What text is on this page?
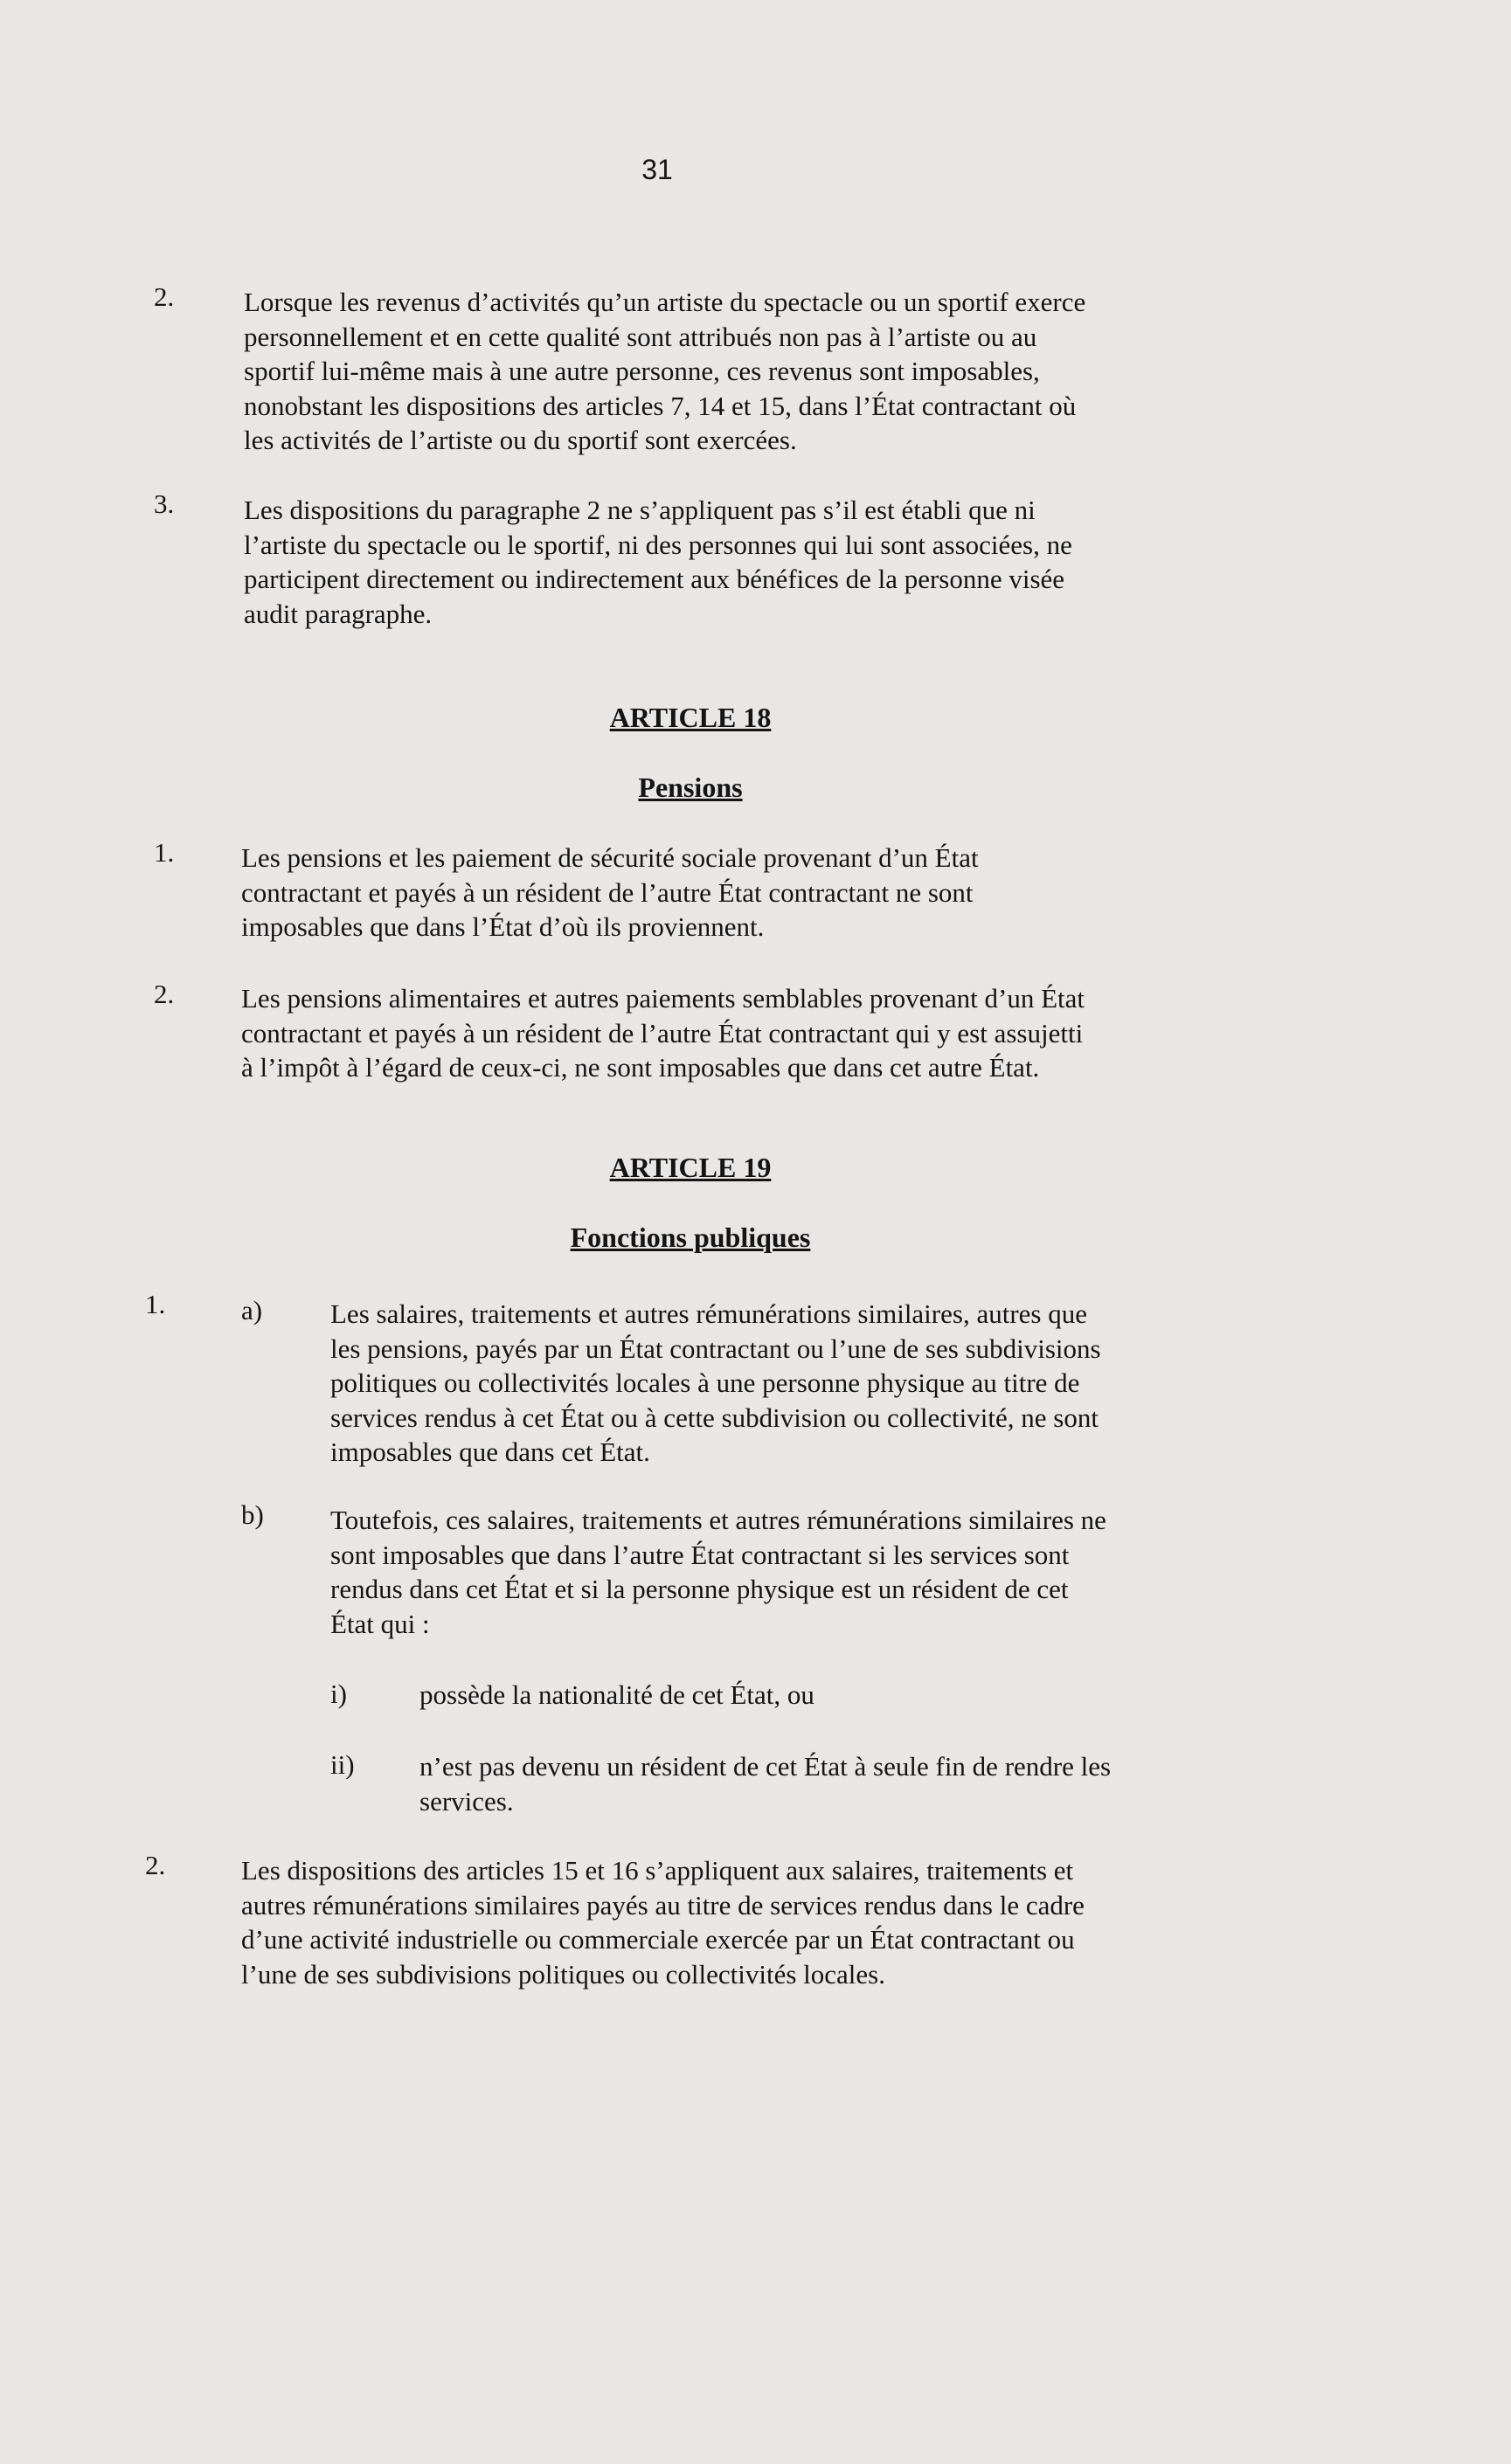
31
2.	Lorsque les revenus d’activités qu’un artiste du spectacle ou un sportif exerce
personnellement et en cette qualité sont attribués non pas à l’artiste ou au
sportif lui-même mais à une autre personne, ces revenus sont imposables,
nonobstant les dispositions des articles 7, 14 et 15, dans l’État contractant où
les activités de l’artiste ou du sportif sont exercées.
3.	Les dispositions du paragraphe 2 ne s’appliquent pas s’il est établi que ni
l’artiste du spectacle ou le sportif, ni des personnes qui lui sont associées, ne
participent directement ou indirectement aux bénéfices de la personne visée
audit paragraphe.
ARTICLE 18
Pensions
1. Les pensions et les paiement de sécurité sociale provenant d’un État
contractant et payés à un résident de l’autre État contractant ne sont
imposables que dans l’État d’où ils proviennent.
2. Les pensions alimentaires et autres paiements semblables provenant d’un État
contractant et payés à un résident de l’autre État contractant qui y est assujetti
à l’impôt à l’égard de ceux-ci, ne sont imposables que dans cet autre État.
ARTICLE 19
Fonctions publiques
1.	a)	Les salaires, traitements et autres rémunérations similaires, autres que
les pensions, payés par un État contractant ou l’une de ses subdivisions
politiques ou collectivités locales à une personne physique au titre de
services rendus à cet État ou à cette subdivision ou collectivité, ne sont
imposables que dans cet État.
b) Toutefois, ces salaires, traitements et autres rémunérations similaires ne
sont imposables que dans l’autre État contractant si les services sont
rendus dans cet État et si la personne physique est un résident de cet
État qui :
i)	possède la nationalité de cet État, ou
ii) n’est pas devenu un résident de cet État à seule fin de rendre les
services.
2.	Les dispositions des articles 15 et 16 s’appliquent aux salaires, traitements et
autres rémunérations similaires payés au titre de services rendus dans le cadre
d’une activité industrielle ou commerciale exercée par un État contractant ou
l’une de ses subdivisions politiques ou collectivités locales.
